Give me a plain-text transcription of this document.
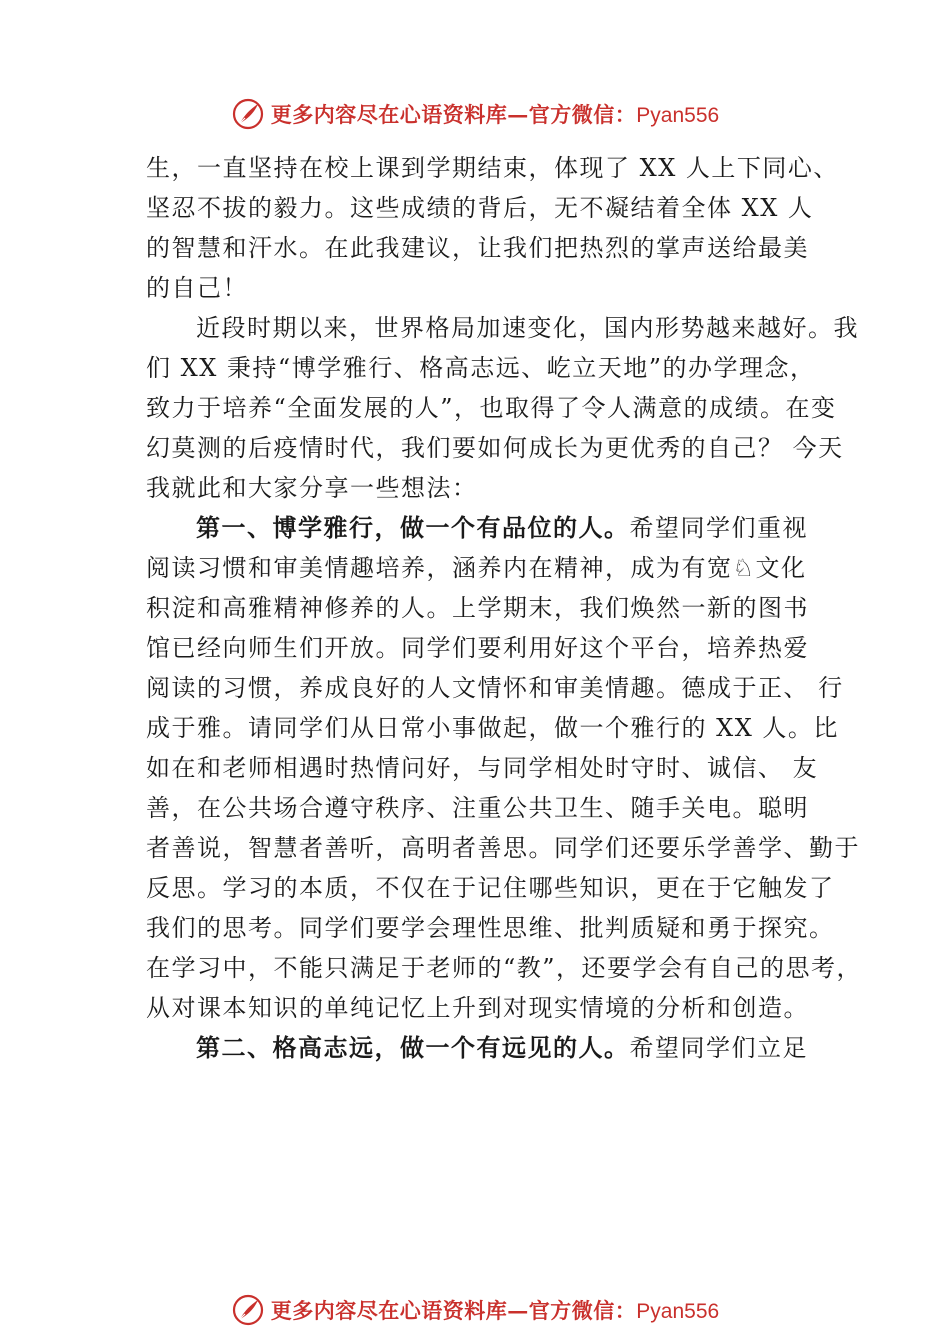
更多内容尽在心语资料库—官方微信：Pyan556
生，一直坚持在校上课到学期结束，体现了 XX 人上下同心、
坚忍不拔的毅力。这些成绩的背后，无不凝结着全体 XX 人
的智慧和汗水。在此我建议，让我们把热烈的掌声送给最美
的自己！
近段时期以来，世界格局加速变化，国内形势越来越好。我
们 XX 秉持“博学雅行、格高志远、屹立天地”的办学理念，
致力于培养“全面发展的人”，也取得了令人满意的成绩。在变
幻莫测的后疫情时代，我们要如何成长为更优秀的自己？ 今天
我就此和大家分享一些想法：
第一、博学雅行，做一个有品位的人。希望同学们重视
阅读习惯和审美情趣培养，涵养内在精神，成为有宽♘文化
积淀和高雅精神修养的人。上学期末，我们焕然一新的图书
馆已经向师生们开放。同学们要利用好这个平台，培养热爱
阅读的习惯，养成良好的人文情怀和审美情趣。德成于正、 行
成于雅。请同学们从日常小事做起，做一个雅行的 XX 人。比
如在和老师相遇时热情问好，与同学相处时守时、诚信、 友
善，在公共场合遵守秩序、注重公共卫生、随手关电。聪明
者善说，智慧者善听，高明者善思。同学们还要乐学善学、勤于
反思。学习的本质，不仅在于记住哪些知识，更在于它触发了
我们的思考。同学们要学会理性思维、批判质疑和勇于探究。
在学习中，不能只满足于老师的“教”，还要学会有自己的思考，
从对课本知识的单纯记忆上升到对现实情境的分析和创造。
第二、格高志远，做一个有远见的人。希望同学们立足
更多内容尽在心语资料库—官方微信：Pyan556
